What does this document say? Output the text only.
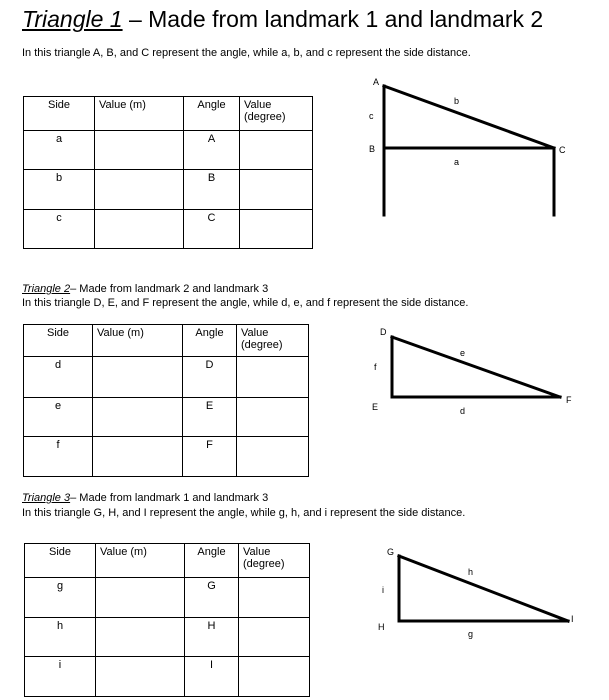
Triangle 1 – Made from landmark 1 and landmark 2
In this triangle A, B, and C represent the angle, while a, b, and c represent the side distance.
Side	Value (m)	Angle	Value
(degree)
a		A	
b		B	
c		C	
A
B	C
c
b
a
Triangle 2– Made from landmark 2 and landmark 3
In this triangle D, E, and F represent the angle, while d, e, and f represent the side distance.
Side	Value (m)	Angle	Value
(degree)
d		D	
e		E	
f		F	
D
E
F
f
e
d
Triangle 3– Made from landmark 1 and landmark 3
In this triangle G, H, and I represent the angle, while g, h, and i represent the side distance.
Side	Value (m)	Angle	Value
(degree)
g		G	
h		H	
i		I	
G
H
I
i
h
g
